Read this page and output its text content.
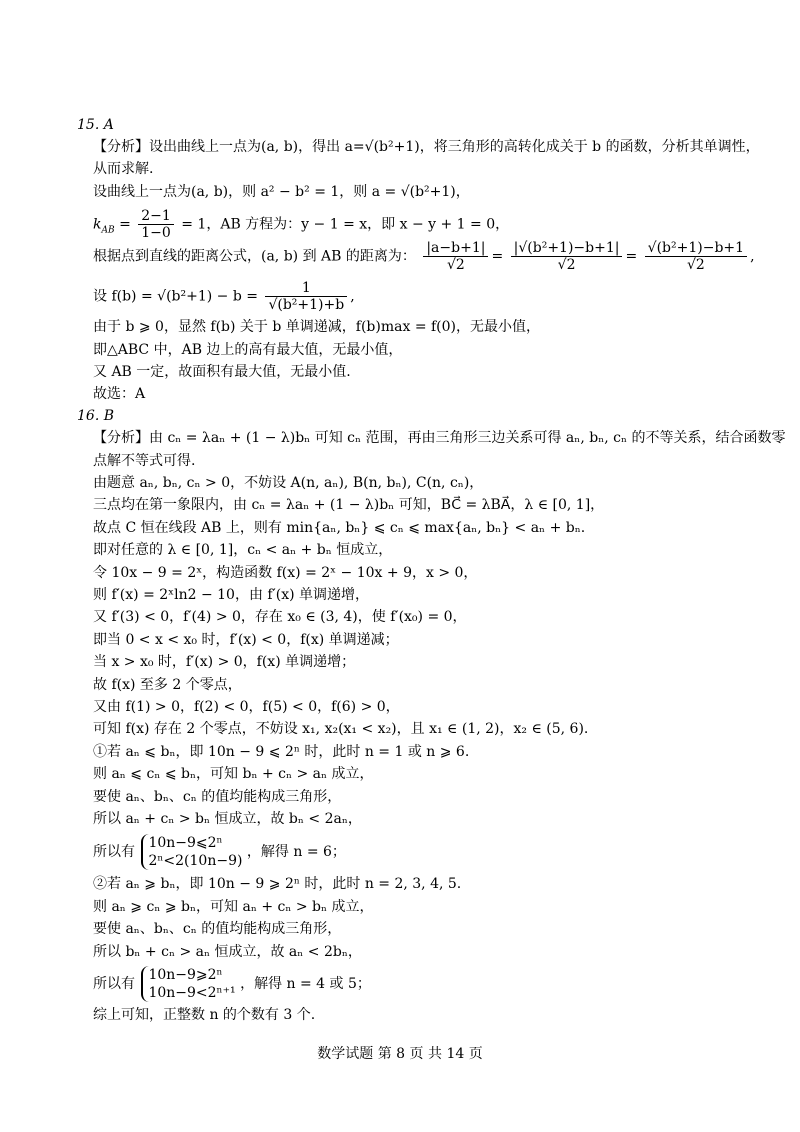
15. A
【分析】设出曲线上一点为(a, b)，得出 a=√(b²+1)，将三角形的高转化成关于 b 的函数，分析其单调性，
从而求解.
设曲线上一点为(a, b)，则 a² − b² = 1，则 a = √(b²+1)，
$k_{AB} = \frac{2-1}{1-0} = 1$，AB 方程为：y − 1 = x，即 x − y + 1 = 0，
根据点到直线的距离公式，(a, b) 到 AB 的距离为： $\frac{|a-b+1|}{√2} = \frac{\text{|√(b²+1)−b+1|}}{√2} = \frac{\text{√(b²+1)−b+1}}{√2}$ ,
设 $f(b) = √(b^2+1) - b = \frac{1}{\text{√(b²+1)+b}}$ ,
由于 b ⩾ 0，显然 f(b) 关于 b 单调递减，f(b)max = f(0)，无最小值，
即△ABC 中，AB 边上的高有最大值，无最小值，
又 AB 一定，故面积有最大值，无最小值.
故选：A
16. B
【分析】由 cₙ = λaₙ + (1 − λ)bₙ 可知 cₙ 范围，再由三角形三边关系可得 aₙ, bₙ, cₙ 的不等关系，结合函数零
点解不等式可得.
由题意 aₙ, bₙ, cₙ > 0，不妨设 A(n, aₙ), B(n, bₙ), C(n, cₙ)，
三点均在第一象限内，由 cₙ = λaₙ + (1 − λ)bₙ 可知，BC⃗ = λBA⃗，λ ∈ [0, 1]，
故点 C 恒在线段 AB 上，则有 min{aₙ, bₙ} ⩽ cₙ ⩽ max{aₙ, bₙ} < aₙ + bₙ.
即对任意的 λ ∈ [0, 1]，cₙ < aₙ + bₙ 恒成立，
令 10x − 9 = 2ˣ，构造函数 f(x) = 2ˣ − 10x + 9，x > 0，
则 f′(x) = 2ˣln2 − 10，由 f′(x) 单调递增，
又 f′(3) < 0，f′(4) > 0，存在 x₀ ∈ (3, 4)，使 f′(x₀) = 0，
即当 0 < x < x₀ 时，f′(x) < 0，f(x) 单调递减；
当 x > x₀ 时，f′(x) > 0，f(x) 单调递增；
故 f(x) 至多 2 个零点，
又由 f(1) > 0，f(2) < 0，f(5) < 0，f(6) > 0，
可知 f(x) 存在 2 个零点，不妨设 x₁, x₂(x₁ < x₂)，且 x₁ ∈ (1, 2)，x₂ ∈ (5, 6).
①若 aₙ ⩽ bₙ，即 10n − 9 ⩽ 2ⁿ 时，此时 n = 1 或 n ⩾ 6.
则 aₙ ⩽ cₙ ⩽ bₙ，可知 bₙ + cₙ > aₙ 成立，
要使 aₙ、bₙ、cₙ 的值均能构成三角形，
所以 aₙ + cₙ > bₙ 恒成立，故 bₙ < 2aₙ，
所以有
10n−9⩽2ⁿ
2ⁿ<2(10n−9)
，解得 n = 6；
②若 aₙ ⩾ bₙ，即 10n − 9 ⩾ 2ⁿ 时，此时 n = 2, 3, 4, 5.
则 aₙ ⩾ cₙ ⩾ bₙ，可知 aₙ + cₙ > bₙ 成立，
要使 aₙ、bₙ、cₙ 的值均能构成三角形，
所以 bₙ + cₙ > aₙ 恒成立，故 aₙ < 2bₙ，
所以有
10n−9⩾2ⁿ
10n−9<2ⁿ⁺¹
，解得 n = 4 或 5；
综上可知，正整数 n 的个数有 3 个.
数学试题 第 8 页 共 14 页
